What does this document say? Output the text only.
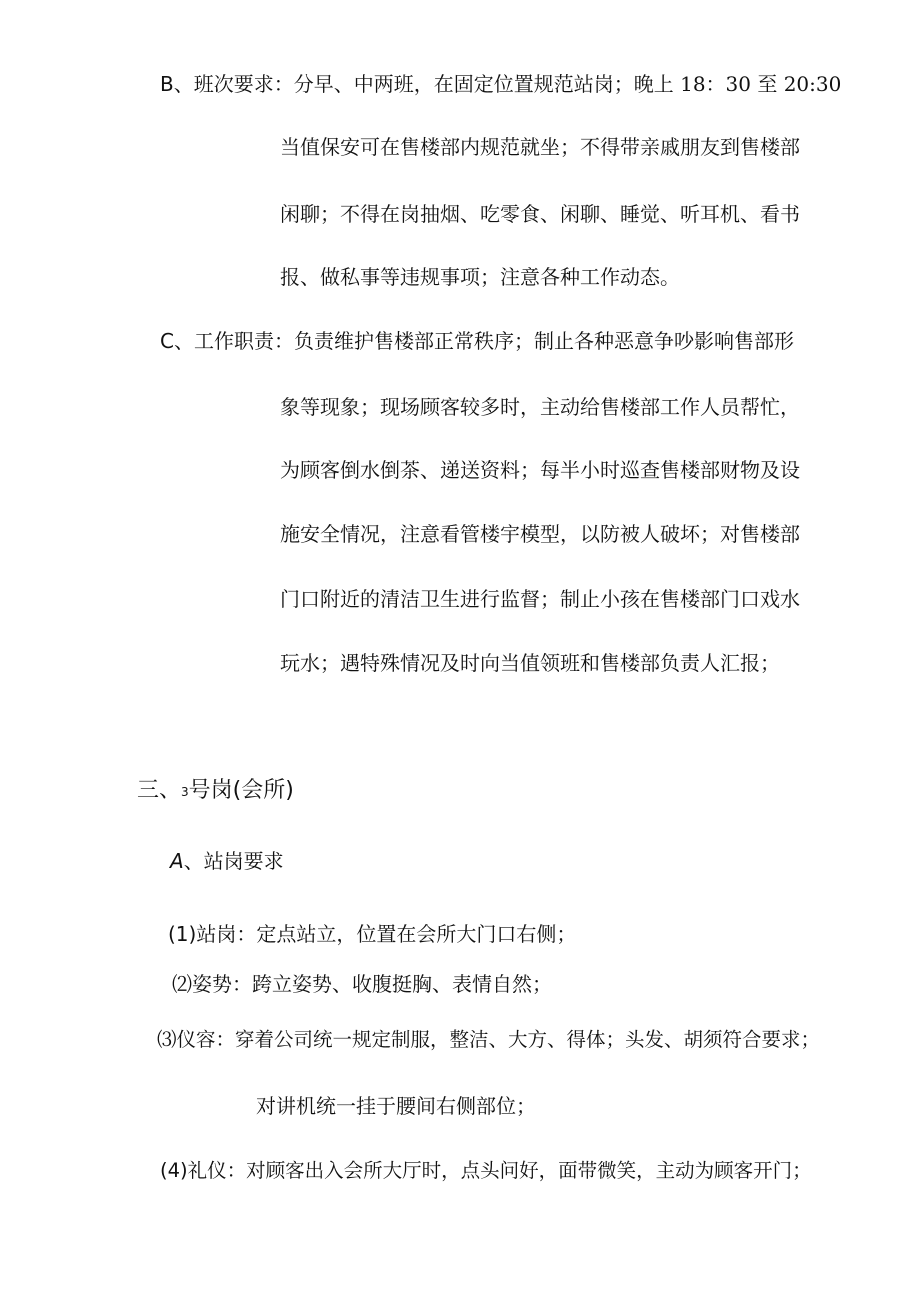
B、班次要求：分早、中两班，在固定位置规范站岗；晚上 18：30 至 20:30
当值保安可在售楼部内规范就坐；不得带亲戚朋友到售楼部
闲聊；不得在岗抽烟、吃零食、闲聊、睡觉、听耳机、看书
报、做私事等违规事项；注意各种工作动态。
C、工作职责：负责维护售楼部正常秩序；制止各种恶意争吵影响售部形
象等现象；现场顾客较多时，主动给售楼部工作人员帮忙，
为顾客倒水倒茶、递送资料；每半小时巡查售楼部财物及设
施安全情况，注意看管楼宇模型，以防被人破坏；对售楼部
门口附近的清洁卫生进行监督；制止小孩在售楼部门口戏水
玩水；遇特殊情况及时向当值领班和售楼部负责人汇报；
三、3号岗(会所)
A、站岗要求
(1)站岗：定点站立，位置在会所大门口右侧；
⑵姿势：跨立姿势、收腹挺胸、表情自然；
⑶仪容：穿着公司统一规定制服，整洁、大方、得体；头发、胡须符合要求；
对讲机统一挂于腰间右侧部位；
(4)礼仪：对顾客出入会所大厅时，点头问好，面带微笑，主动为顾客开门；
